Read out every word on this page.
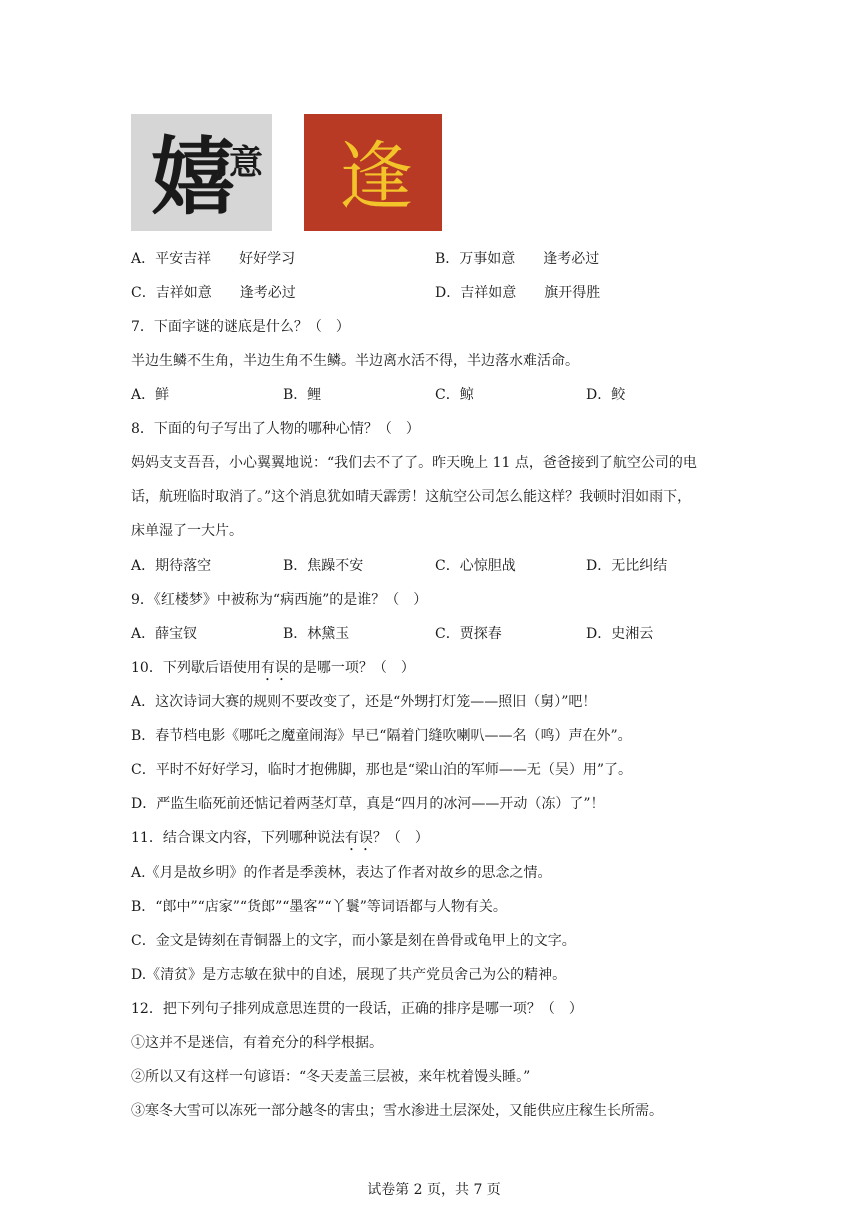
嬉
意 逢
A．平安吉祥　　好好学习	B．万事如意　　逢考必过
C．吉祥如意　　逢考必过	D．吉祥如意　　旗开得胜
7．下面字谜的谜底是什么？（　）
半边生鳞不生角，半边生角不生鳞。半边离水活不得，半边落水难活命。
A．鲜	B．鲤	C．鲸	D．鲛
8．下面的句子写出了人物的哪种心情？（　）
妈妈支支吾吾，小心翼翼地说：“我们去不了了。昨天晚上 11 点，爸爸接到了航空公司的电
话，航班临时取消了。”这个消息犹如晴天霹雳！这航空公司怎么能这样？我顿时泪如雨下，
床单湿了一大片。
A．期待落空	B．焦躁不安	C．心惊胆战	D．无比纠结
9．《红楼梦》中被称为“病西施”的是谁？（　）
A．薛宝钗	B．林黛玉	C．贾探春	D．史湘云
10．下列歇后语使用有误的是哪一项？（　）
A．这次诗词大赛的规则不要改变了，还是“外甥打灯笼——照旧（舅）”吧！
B．春节档电影《哪吒之魔童闹海》早已“隔着门缝吹喇叭——名（鸣）声在外”。
C．平时不好好学习，临时才抱佛脚，那也是“梁山泊的军师——无（吴）用”了。
D．严监生临死前还惦记着两茎灯草，真是“四月的冰河——开动（冻）了”！
11．结合课文内容，下列哪种说法有误？（　）
A.《月是故乡明》的作者是季羡林，表达了作者对故乡的思念之情。
B．“郎中”“店家”“货郎”“墨客”“丫鬟”等词语都与人物有关。
C．金文是铸刻在青铜器上的文字，而小篆是刻在兽骨或龟甲上的文字。
D.《清贫》是方志敏在狱中的自述，展现了共产党员舍己为公的精神。
12．把下列句子排列成意思连贯的一段话，正确的排序是哪一项？（　）
①这并不是迷信，有着充分的科学根据。
②所以又有这样一句谚语：“冬天麦盖三层被，来年枕着馒头睡。”
③寒冬大雪可以冻死一部分越冬的害虫；雪水渗进土层深处，又能供应庄稼生长所需。
试卷第 2 页，共 7 页
